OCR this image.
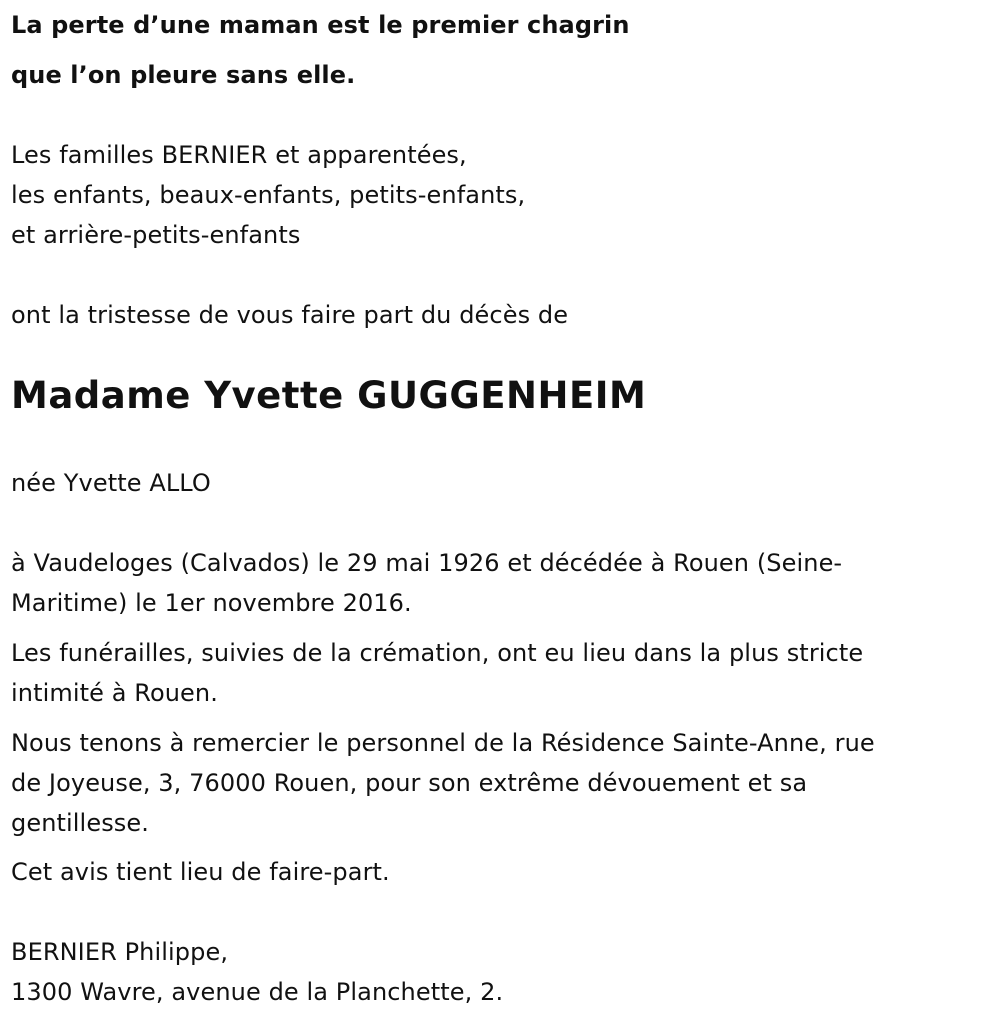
La perte d’une maman est le premier chagrin
que l’on pleure sans elle.
Les familles BERNIER et apparentées,
les enfants, beaux-enfants, petits-enfants,
et arrière-petits-enfants
ont la tristesse de vous faire part du décès de
Madame Yvette GUGGENHEIM
née Yvette ALLO
à Vaudeloges (Calvados) le 29 mai 1926 et décédée à Rouen (Seine-
Maritime) le 1er novembre 2016.
Les funérailles, suivies de la crémation, ont eu lieu dans la plus stricte
intimité à Rouen.
Nous tenons à remercier le personnel de la Résidence Sainte-Anne, rue
de Joyeuse, 3, 76000 Rouen, pour son extrême dévouement et sa
gentillesse.
Cet avis tient lieu de faire-part.
BERNIER Philippe,
1300 Wavre, avenue de la Planchette, 2.
